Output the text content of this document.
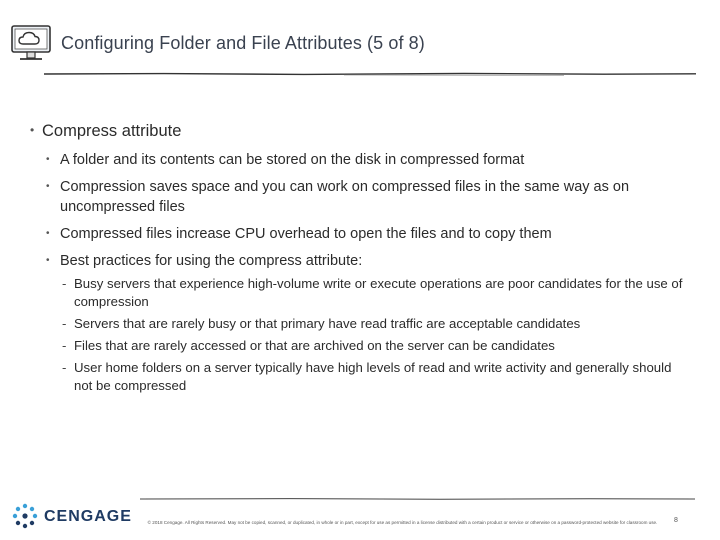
Configuring Folder and File Attributes (5 of 8)
• Compress attribute
• A folder and its contents can be stored on the disk in compressed format
• Compression saves space and you can work on compressed files in the same way as on uncompressed files
• Compressed files increase CPU overhead to open the files and to copy them
• Best practices for using the compress attribute:
- Busy servers that experience high-volume write or execute operations are poor candidates for the use of compression
- Servers that are rarely busy or that primary have read traffic are acceptable candidates
- Files that are rarely accessed or that are archived on the server can be candidates
- User home folders on a server typically have high levels of read and write activity and generally should not be compressed
CENGAGE	© 2018 Cengage. All Rights Reserved. May not be copied, scanned, or duplicated, in whole or in part, except for use as permitted in a license distributed with a certain product or service or otherwise on a password-protected website for classroom use.	8
